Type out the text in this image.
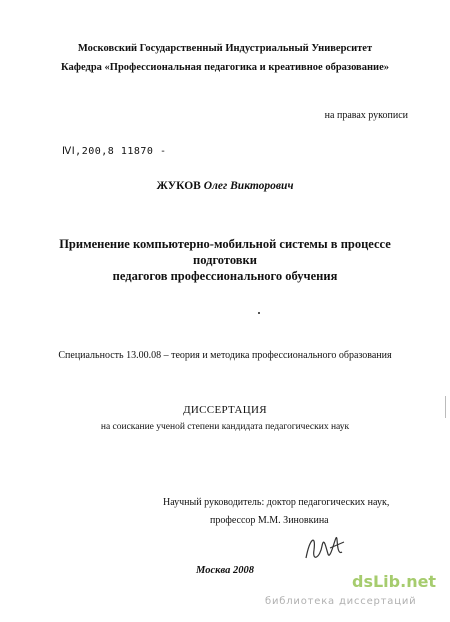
Московский Государственный Индустриальный Университет
Кафедра «Профессиональная педагогика и креативное образование»
на правах рукописи
ⅣⅠ,200,8 11870 -
ЖУКОВ Олег Викторович
Применение компьютерно-мобильной системы в процессе
подготовки
педагогов профессионального обучения
Специальность 13.00.08 – теория и методика профессионального образования
ДИССЕРТАЦИЯ
на соискание ученой степени кандидата педагогических наук
Научный руководитель: доктор педагогических наук,
профессор М.М. Зиновкина
Москва 2008
dsLib.net
библиотека диссертаций
